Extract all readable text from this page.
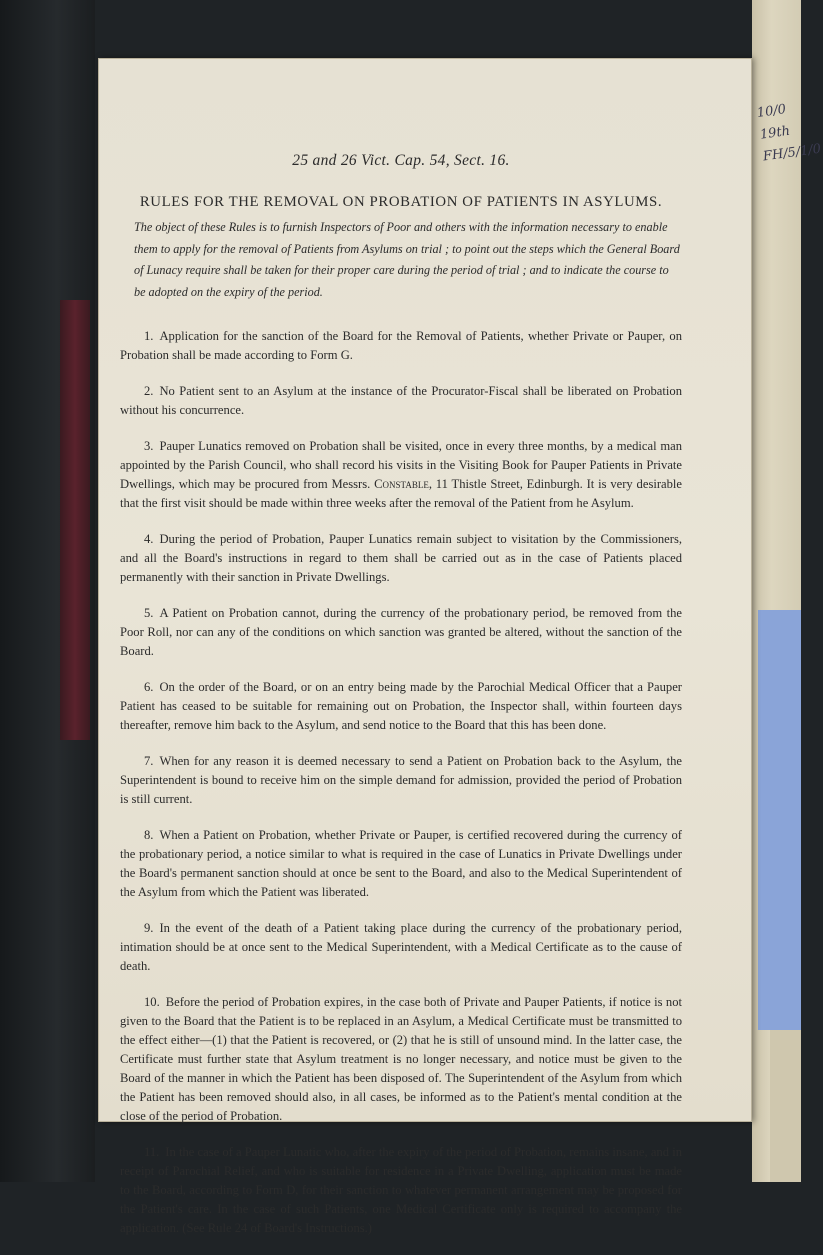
10/0
19th
FH/5/1/0

25 and 26 Vict. Cap. 54, Sect. 16.

RULES FOR THE REMOVAL ON PROBATION OF PATIENTS IN ASYLUMS.

The object of these Rules is to furnish Inspectors of Poor and others with the information necessary to enable them to apply for the removal of Patients from Asylums on trial ; to point out the steps which the General Board of Lunacy require shall be taken for their proper care during the period of trial ; and to indicate the course to be adopted on the expiry of the period.

1. Application for the sanction of the Board for the Removal of Patients, whether Private or Pauper, on Probation shall be made according to Form G.

2. No Patient sent to an Asylum at the instance of the Procurator-Fiscal shall be liberated on Probation without his concurrence.

3. Pauper Lunatics removed on Probation shall be visited, once in every three months, by a medical man appointed by the Parish Council, who shall record his visits in the Visiting Book for Pauper Patients in Private Dwellings, which may be procured from Messrs. Constable, 11 Thistle Street, Edinburgh. It is very desirable that the first visit should be made within three weeks after the removal of the Patient from he Asylum.

4. During the period of Probation, Pauper Lunatics remain subject to visitation by the Commissioners, and all the Board's instructions in regard to them shall be carried out as in the case of Patients placed permanently with their sanction in Private Dwellings.

5. A Patient on Probation cannot, during the currency of the probationary period, be removed from the Poor Roll, nor can any of the conditions on which sanction was granted be altered, without the sanction of the Board.

6. On the order of the Board, or on an entry being made by the Parochial Medical Officer that a Pauper Patient has ceased to be suitable for remaining out on Probation, the Inspector shall, within fourteen days thereafter, remove him back to the Asylum, and send notice to the Board that this has been done.

7. When for any reason it is deemed necessary to send a Patient on Probation back to the Asylum, the Superintendent is bound to receive him on the simple demand for admission, provided the period of Probation is still current.

8. When a Patient on Probation, whether Private or Pauper, is certified recovered during the currency of the probationary period, a notice similar to what is required in the case of Lunatics in Private Dwellings under the Board's permanent sanction should at once be sent to the Board, and also to the Medical Superintendent of the Asylum from which the Patient was liberated.

9. In the event of the death of a Patient taking place during the currency of the probationary period, intimation should be at once sent to the Medical Superintendent, with a Medical Certificate as to the cause of death.

10. Before the period of Probation expires, in the case both of Private and Pauper Patients, if notice is not given to the Board that the Patient is to be replaced in an Asylum, a Medical Certificate must be transmitted to the effect either—(1) that the Patient is recovered, or (2) that he is still of unsound mind. In the latter case, the Certificate must further state that Asylum treatment is no longer necessary, and notice must be given to the Board of the manner in which the Patient has been disposed of. The Superintendent of the Asylum from which the Patient has been removed should also, in all cases, be informed as to the Patient's mental condition at the close of the period of Probation.

11. In the case of a Pauper Lunatic who, after the expiry of the period of Probation, remains insane, and in receipt of Parochial Relief, and who is suitable for residence in a Private Dwelling, application must be made to the Board, according to Form D, for their sanction to whatever permanent arrangement may be proposed for the Patient's care. In the case of such Patients, one Medical Certificate only is required to accompany the application. (See Rule 24 of Board's Instructions.)
